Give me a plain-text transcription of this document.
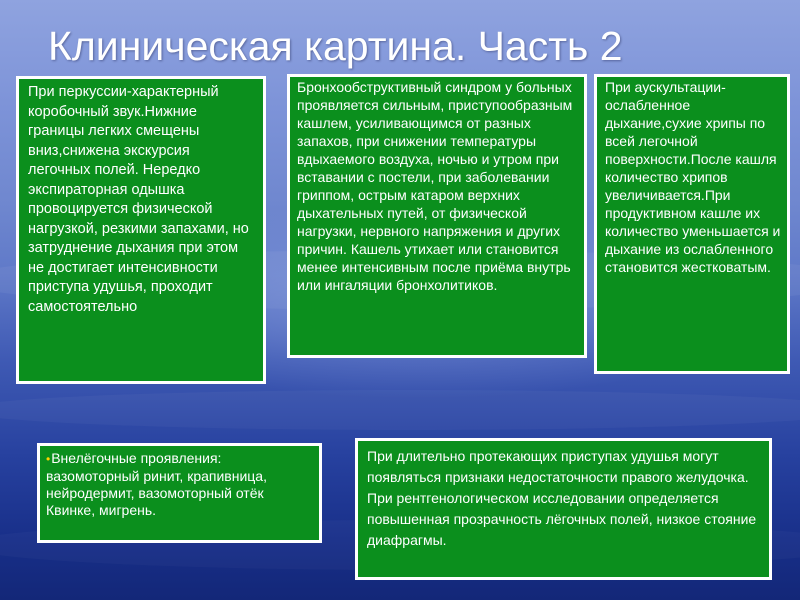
Клиническая картина. Часть 2

При перкуссии-характерный коробочный звук.Нижние границы легких смещены вниз,снижена экскурсия легочных полей. Нередко экспираторная одышка провоцируется физической нагрузкой, резкими запахами, но затруднение дыхания при этом не достигает интенсивности приступа удушья, проходит самостоятельно

Бронхообструктивный синдром у больных проявляется сильным, приступообразным кашлем, усиливающимся от разных запахов, при снижении температуры вдыхаемого воздуха, ночью и утром при вставании с постели, при заболевании гриппом, острым катаром верхних дыхательных путей, от физической нагрузки, нервного напряжения и других причин. Кашель утихает или становится менее интенсивным после приёма внутрь или ингаляции бронхолитиков.

При аускультации-ослабленное дыхание,сухие хрипы по всей легочной поверхности.После кашля количество хрипов увеличивается.При продуктивном кашле их количество уменьшается и дыхание из ослабленного становится жестковатым.

•Внелёгочные проявления: вазомоторный ринит, крапивница, нейродермит, вазомоторный отёк Квинке, мигрень.

При длительно протекающих приступах удушья могут появляться признаки недостаточности правого желудочка. При рентгенологическом исследовании определяется повышенная прозрачность лёгочных полей, низкое стояние диафрагмы.
